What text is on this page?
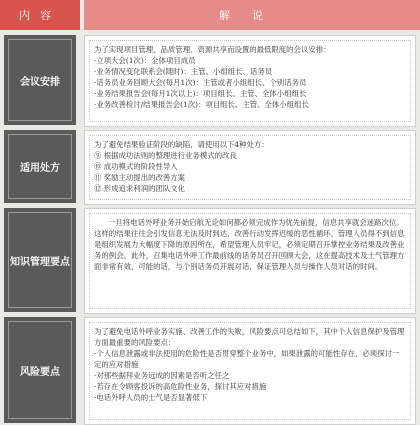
内容	解说
会议安排

为了实现项目管理、品质管理、资源共享而设置的最低限度的会议安排：

·立项大会(1次)：全体项目成员
·业务情况变化联系会(随时)：主管、小组组长、话务员
·话务员业务回顾大会(每月1次)：主管或者小组组长、个别话务员
·业务结果报告会(每月1次以上)：项目组长、主管、全体小组组长
·业务改善检讨/结果报告会(1次)：项目组长、主管、全体小组组长
适用处方

为了避免结果验证阶段的缺陷，请使用以下4种处方：

⑨ 根据成功法则的整理进行业务模式的改良
⑩ 成功模式的阶段性导入
⑪ 奖励主动提出的改善方案
⑫ 形成追求利润的团队文化
知识管理要点

一旦将电话外呼业务开始启航无论如何都必须完成作为优先前提，信息共享就会迷路次位。这样的结果往往会引发信息无法及时到达，改善行动发挥迟缓的恶性循环。管理人员得不到信息是组织发展力大幅度下降的原因所在，希望管理人员牢记，必须定期召开掌控业务结果及改善业务的例会。此外，召集电话外呼工作最前线的话务员召开回顾大会，这在提高技术及士气管理方面非常有效，可能的话，与个别话务员开展对话，保证管理人员与操作人员对话的时间。

风险要点

为了避免电话外呼业务实施、改善工作的失败，风险要点可总结如下，其中个人信息保护及管理方面最重要的风险要点：

·个人信息泄露或非法使用的危险性是否贯穿整个业务中，如果泄露的可能性存在，必须探讨一定的应对措施
·对那些据拜业务远成的因素是否听之任之
·若存在令顾客投诉的高危险性业务，探讨其应对措施
·电话外呼人员的士气是否显著低下
